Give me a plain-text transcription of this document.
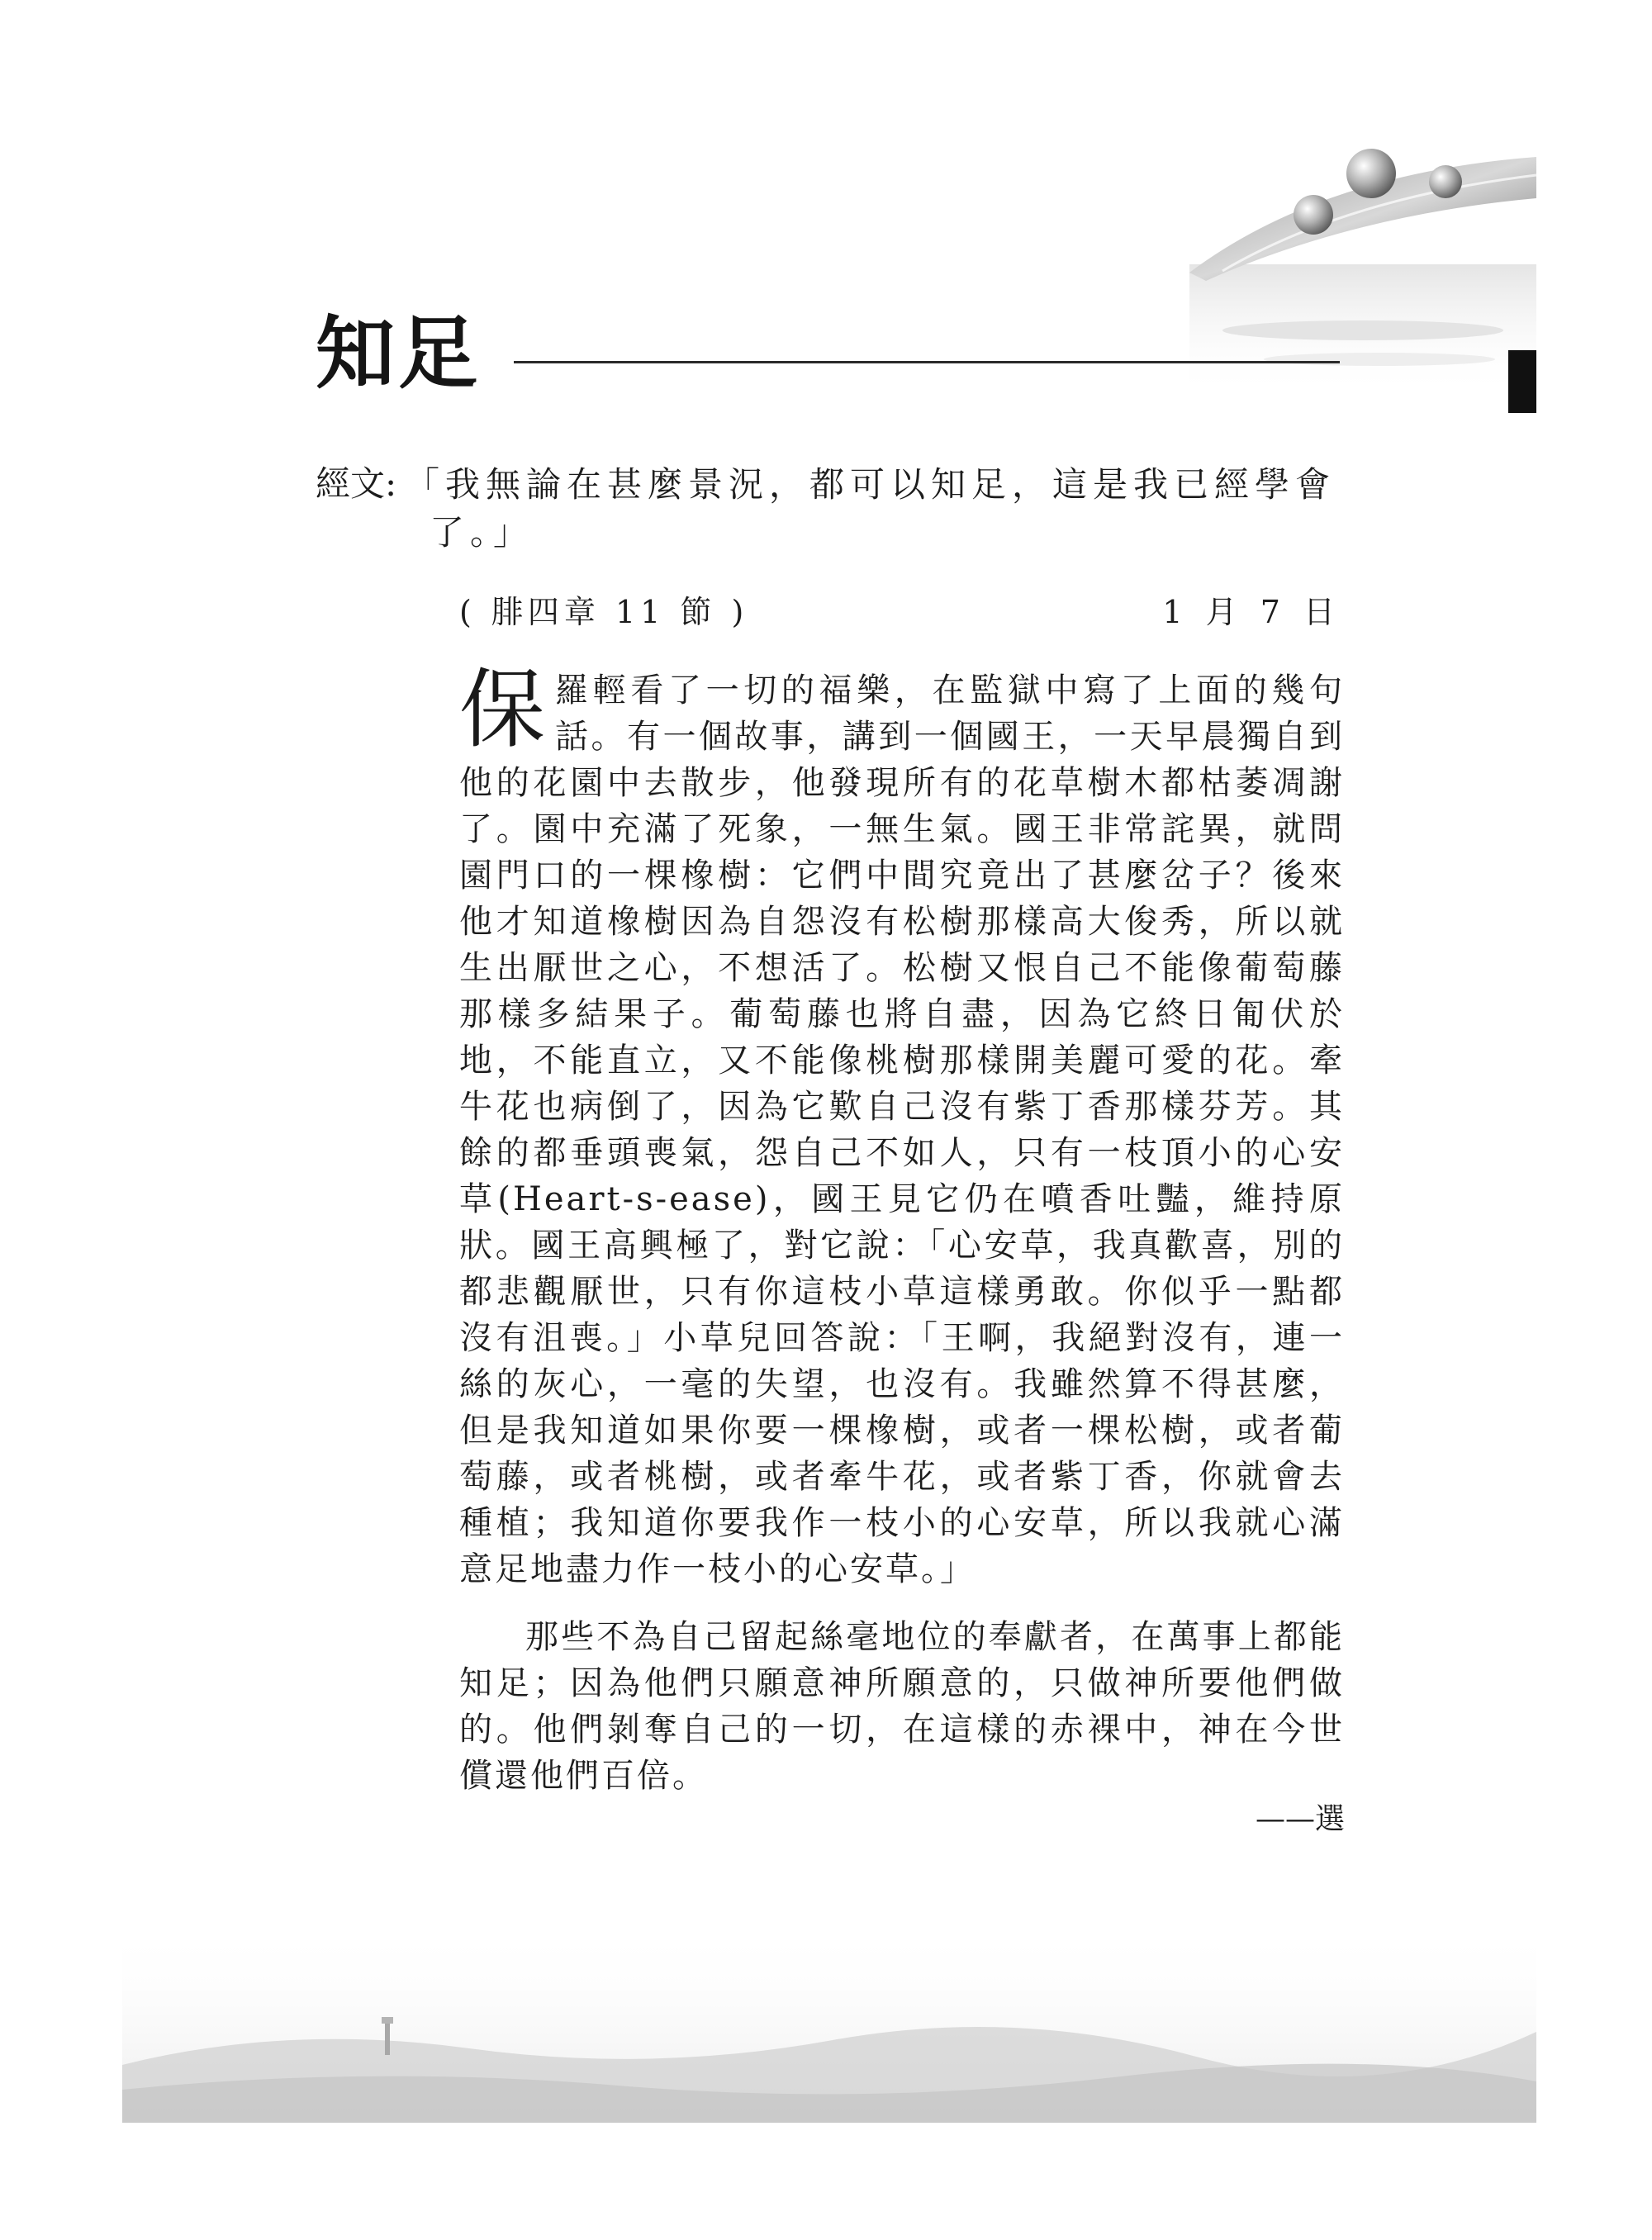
知足
經文: 「我無論在甚麼景況，都可以知足，這是我已經學會了。」
( 腓四章 11 節 )	1 月 7 日

保羅輕看了一切的福樂，在監獄中寫了上面的幾句話。有一個故事，講到一個國王，一天早晨獨自到他的花園中去散步，他發現所有的花草樹木都枯萎凋謝了。園中充滿了死象，一無生氣。國王非常詫異，就問園門口的一棵橡樹：它們中間究竟出了甚麼岔子？後來他才知道橡樹因為自怨沒有松樹那樣高大俊秀，所以就生出厭世之心，不想活了。松樹又恨自己不能像葡萄藤那樣多結果子。葡萄藤也將自盡，因為它終日匍伏於地，不能直立，又不能像桃樹那樣開美麗可愛的花。牽牛花也病倒了，因為它歎自己沒有紫丁香那樣芬芳。其餘的都垂頭喪氣，怨自己不如人，只有一枝頂小的心安草(Heart-s-ease)，國王見它仍在噴香吐豔，維持原狀。國王高興極了，對它說：「心安草，我真歡喜，別的都悲觀厭世，只有你這枝小草這樣勇敢。你似乎一點都沒有沮喪。」小草兒回答說：「王啊，我絕對沒有，連一絲的灰心，一毫的失望，也沒有。我雖然算不得甚麼，但是我知道如果你要一棵橡樹，或者一棵松樹，或者葡萄藤，或者桃樹，或者牽牛花，或者紫丁香，你就會去種植；我知道你要我作一枝小的心安草，所以我就心滿意足地盡力作一枝小的心安草。」

那些不為自己留起絲毫地位的奉獻者，在萬事上都能知足；因為他們只願意神所願意的，只做神所要他們做的。他們剝奪自己的一切，在這樣的赤裸中，神在今世償還他們百倍。

——選
